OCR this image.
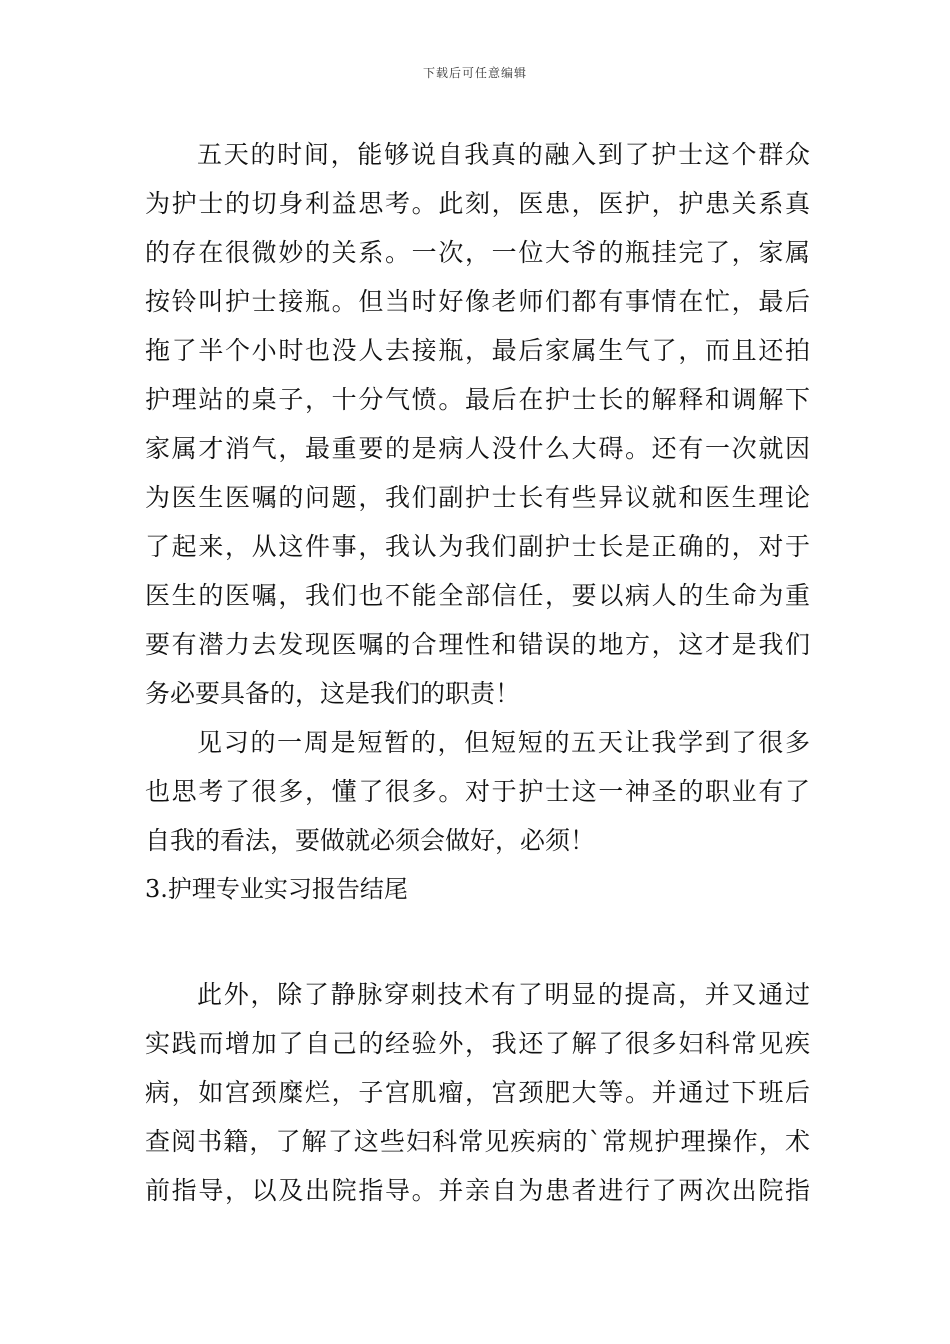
下载后可任意编辑
五天的时间，能够说自我真的融入到了护士这个群众
为护士的切身利益思考。此刻，医患，医护，护患关系真
的存在很微妙的关系。一次，一位大爷的瓶挂完了，家属
按铃叫护士接瓶。但当时好像老师们都有事情在忙，最后
拖了半个小时也没人去接瓶，最后家属生气了，而且还拍
护理站的桌子，十分气愤。最后在护士长的解释和调解下
家属才消气，最重要的是病人没什么大碍。还有一次就因
为医生医嘱的问题，我们副护士长有些异议就和医生理论
了起来，从这件事，我认为我们副护士长是正确的，对于
医生的医嘱，我们也不能全部信任，要以病人的生命为重
要有潜力去发现医嘱的合理性和错误的地方，这才是我们
务必要具备的，这是我们的职责！
见习的一周是短暂的，但短短的五天让我学到了很多
也思考了很多，懂了很多。对于护士这一神圣的职业有了
自我的看法，要做就必须会做好，必须！
3.护理专业实习报告结尾
此外，除了静脉穿刺技术有了明显的提高，并又通过
实践而增加了自己的经验外，我还了解了很多妇科常见疾
病，如宫颈糜烂，子宫肌瘤，宫颈肥大等。并通过下班后
查阅书籍，了解了这些妇科常见疾病的`常规护理操作，术
前指导，以及出院指导。并亲自为患者进行了两次出院指
